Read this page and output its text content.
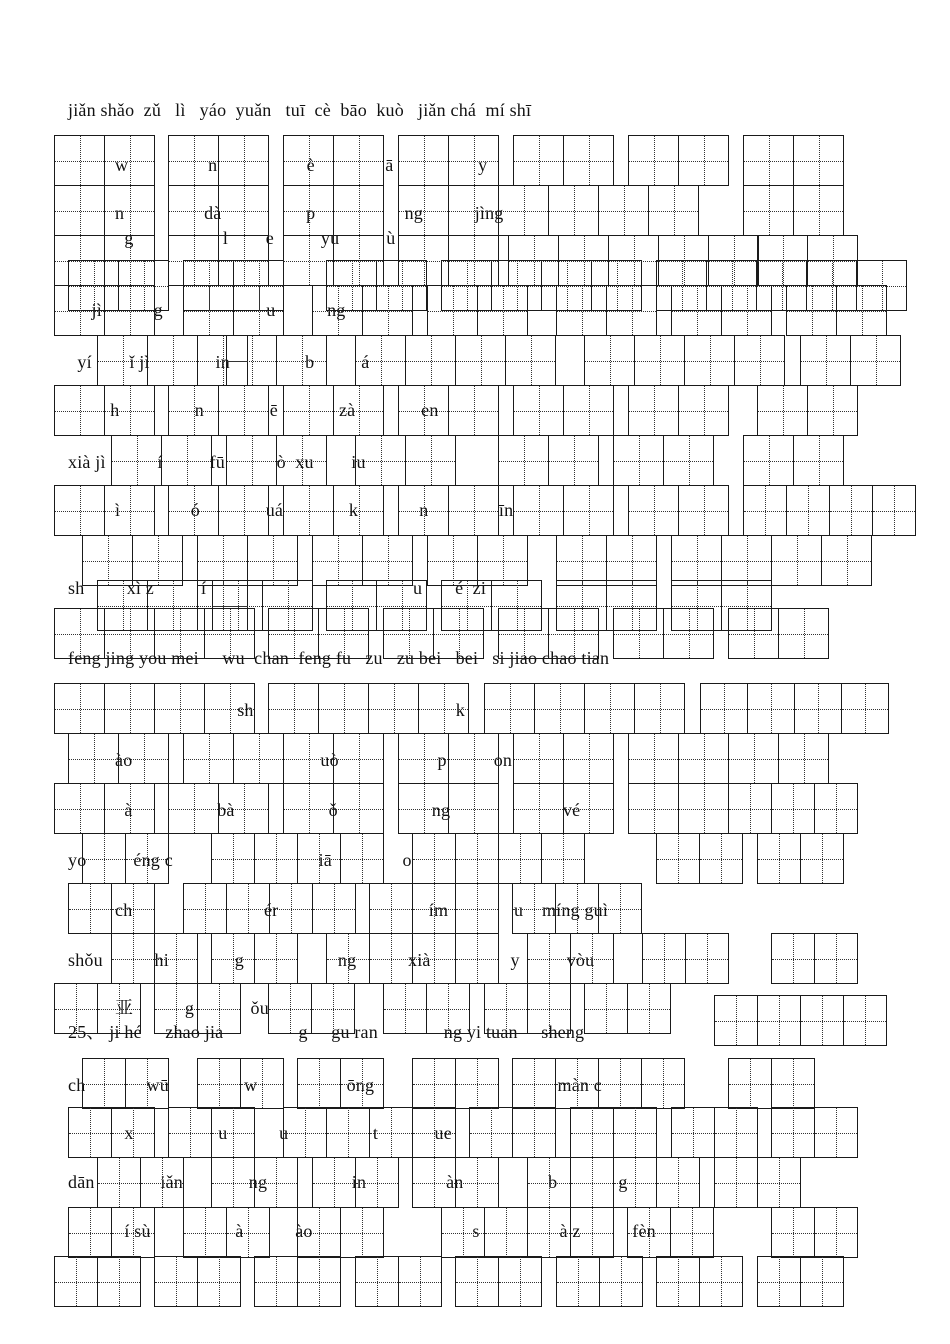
jiǎn shǎo  zǔ   lì   yáo  yuǎn   tuī  cè  bāo  kuò   jiǎn chá  mí shī
w                 n                   è               ā                  y
n                 dà                  p                   ng           jìng
g                   l        e          yu          ù
jì           g                      u           ng
yí        ǐ jì              in                b          á
h                n              ē             zà              en
xià jì           í          fū           ò  xu        iu
ì               ó              uá              k             n               īn
sh         xì z          í                                            u       é  zi
feng jing you mei     wu  chan  feng fu   zu   zu bei   bei   si jiao chao tian
sh                                           k
ào                                        uò                     p          on
à                  bà                    ǒ                    ng                        vé
yo          éng c                               iā               o
ch                            ér                                ím              u    míng guì
shǒu           hi              g                    ng           xià                 y          vòu
亚           g            ǒu
25、 ji hé     zhao jia                g     gu ran              ng yi tuan     sheng
ch             wū                w                   ōng                                       màn c
x                  u           u                  t            ue
dān              iǎn              ng                  in                 àn                  b             g
í sù                  à           ào                                  s                 à z           fèn
